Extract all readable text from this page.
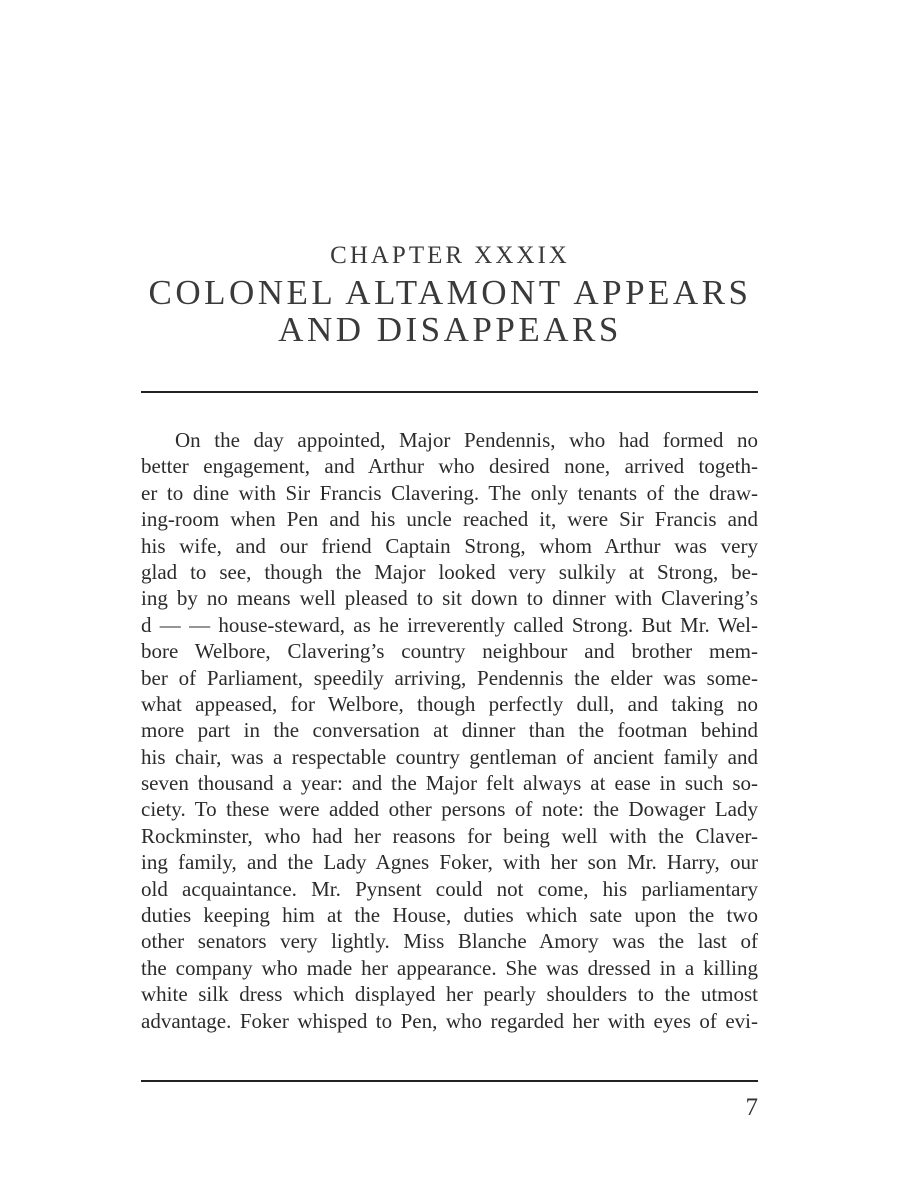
CHAPTER XXXIX
COLONEL ALTAMONT APPEARS AND DISAPPEARS
On the day appointed, Major Pendennis, who had formed no
better engagement, and Arthur who desired none, arrived togeth-
er to dine with Sir Francis Clavering. The only tenants of the draw-
ing-room when Pen and his uncle reached it, were Sir Francis and
his wife, and our friend Captain Strong, whom Arthur was very
glad to see, though the Major looked very sulkily at Strong, be-
ing by no means well pleased to sit down to dinner with Clavering’s
d — — house-steward, as he irreverently called Strong. But Mr. Wel-
bore Welbore, Clavering’s country neighbour and brother mem-
ber of Parliament, speedily arriving, Pendennis the elder was some-
what appeased, for Welbore, though perfectly dull, and taking no
more part in the conversation at dinner than the footman behind
his chair, was a respectable country gentleman of ancient family and
seven thousand a year: and the Major felt always at ease in such so-
ciety. To these were added other persons of note: the Dowager Lady
Rockminster, who had her reasons for being well with the Claver-
ing family, and the Lady Agnes Foker, with her son Mr. Harry, our
old acquaintance. Mr. Pynsent could not come, his parliamentary
duties keeping him at the House, duties which sate upon the two
other senators very lightly. Miss Blanche Amory was the last of
the company who made her appearance. She was dressed in a killing
white silk dress which displayed her pearly shoulders to the utmost
advantage. Foker whisped to Pen, who regarded her with eyes of evi-
7
